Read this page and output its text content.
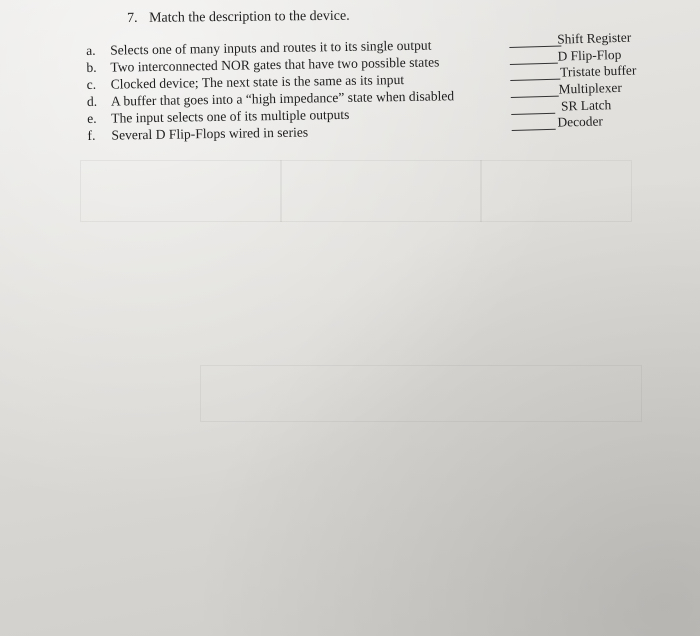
7. Match the description to the device.
a.	Selects one of many inputs and routes it to its single output
b. Two interconnected NOR gates that have two possible states
c.	Clocked device; The next state is the same as its input
d. A buffer that goes into a “high impedance” state when disabled
e.	The input selects one of its multiple outputs
f.	Several D Flip-Flops wired in series
Shift Register
D Flip-Flop
Tristate buffer
Multiplexer
SR Latch
Decoder
